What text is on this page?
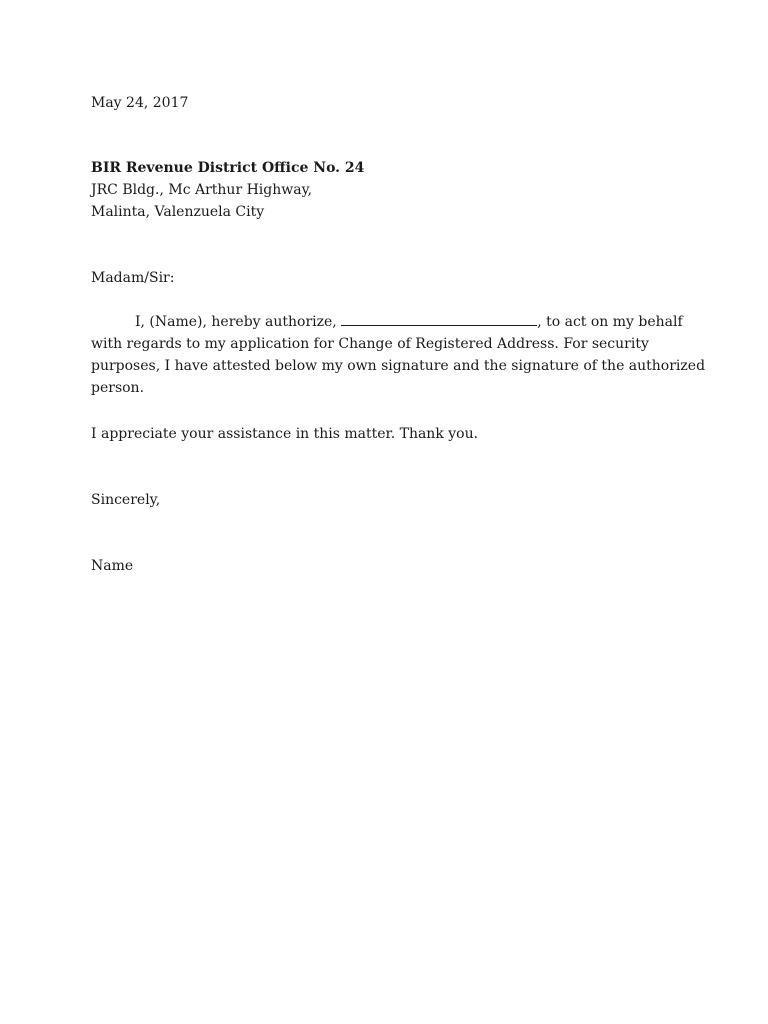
May 24, 2017
BIR Revenue District Office No. 24
JRC Bldg., Mc Arthur Highway,
Malinta, Valenzuela City
Madam/Sir:
I, (Name), hereby authorize,	, to act on my behalf
with regards to my application for Change of Registered Address. For security
purposes, I have attested below my own signature and the signature of the authorized
person.
I appreciate your assistance in this matter. Thank you.
Sincerely,
Name
